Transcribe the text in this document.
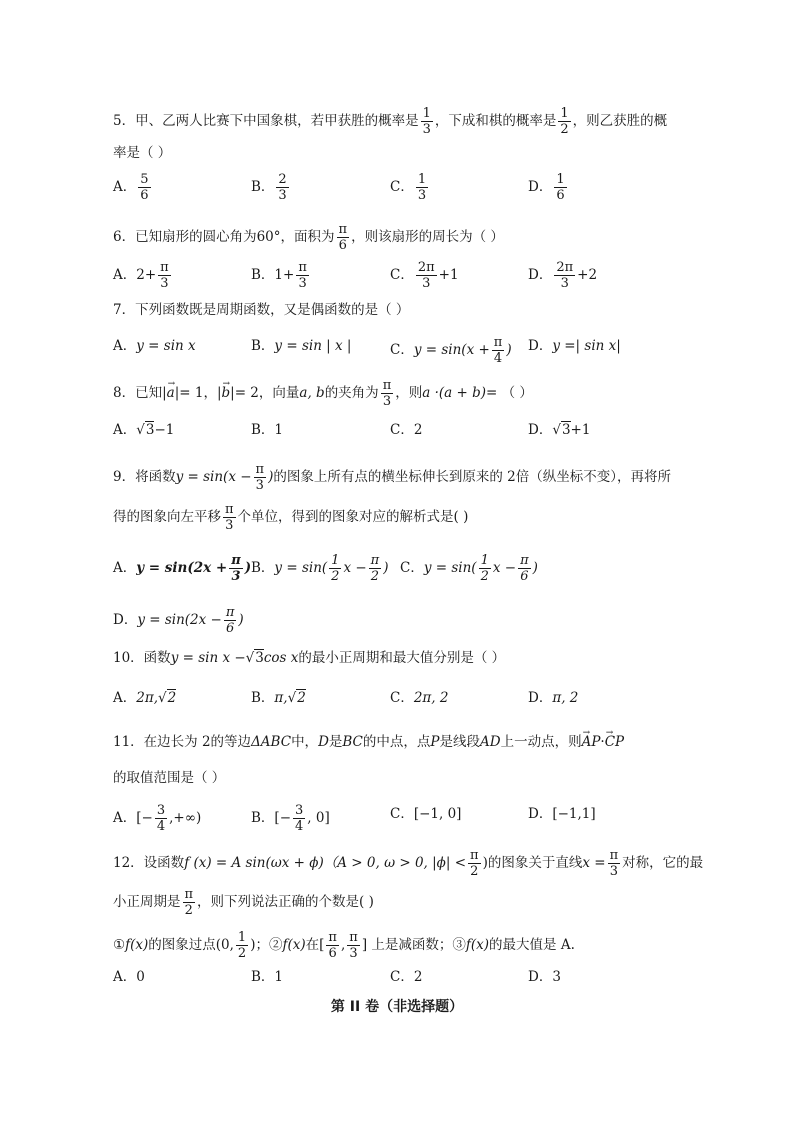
5．甲、乙两人比赛下中国象棋，若甲获胜的概率是 $\frac{1}{3}$ ，下成和棋的概率是 $\frac{1}{2}$ ，则乙获胜的概
率是（ ）
A． $\frac{5}{6}$	B． $\frac{2}{3}$	C． $\frac{1}{3}$	D． $\frac{1}{6}$
6．已知扇形的圆心角为60°，面积为 $\frac{\pi}{6}$ ，则该扇形的周长为（ ）
A．$2+ \frac{\pi}{3}$	B．$1+ \frac{\pi}{3}$	C． $\frac{2\pi}{3} +1$	D． $\frac{2\pi}{3} +2$
7．下列函数既是周期函数，又是偶函数的是（ ）
A．y = sin x	B．y = sin | x |	C．$y = \sin(x + \frac{\pi}{4}$ ) D．y =| sin x|
8．已知|→ a|= 1，|→ b|= 2，向量a, b的夹角为 $\frac{\pi}{3}$ ，则a ·(a + b)= （ ）
A．√3−1	B．1	C．2	D．√3+1
9．将函数$y = \sin(x - \frac{\pi}{3}$ )的图象上所有点的横坐标伸长到原来的 2倍（纵坐标不变），再将所
得的图象向左平移 $\frac{\pi}{3}$ 个单位，得到的图象对应的解析式是( )
A．$y = \sin(2x + \frac{\pi}{3}$ ) B．$y = \sin( \frac{1}{2}$ $x - \frac{\pi}{2}$ ) C．$y = \sin( \frac{1}{2}$ $x - \frac{\pi}{6}$ )
D．$y = \sin(2x - \frac{\pi}{6}$ )
10．函数y = sin x −√3cos x的最小正周期和最大值分别是（ ）
A．2π,√2	B．π,√2	C．2π, 2	D．π, 2
11．在边长为 2的等边ΔABC中，D是BC的中点，点P是线段AD上一动点，则→ AP·→ CP
的取值范围是（ ）
A．[− $\frac{3}{4}$ ,+∞)	B．[− $\frac{3}{4}$ , 0]	C．[−1, 0]	D．[−1,1]
12．设函数f (x) = A sin(ωx + ϕ)（A > 0, ω > 0, $|\phi| < \frac{\pi}{2}$ )的图象关于直线$x = \frac{\pi}{3}$ 对称，它的最
小正周期是 $\frac{\pi}{2}$ ，则下列说法正确的个数是( )
①f(x)的图象过点(0, $\frac{1}{2}$ )；②f(x)在[ $\frac{\pi}{6}$ , $\frac{\pi}{3}$ ] 上是减函数；③f(x)的最大值是 A.
A．0	B．1	C．2	D．3
第 II 卷（非选择题）
